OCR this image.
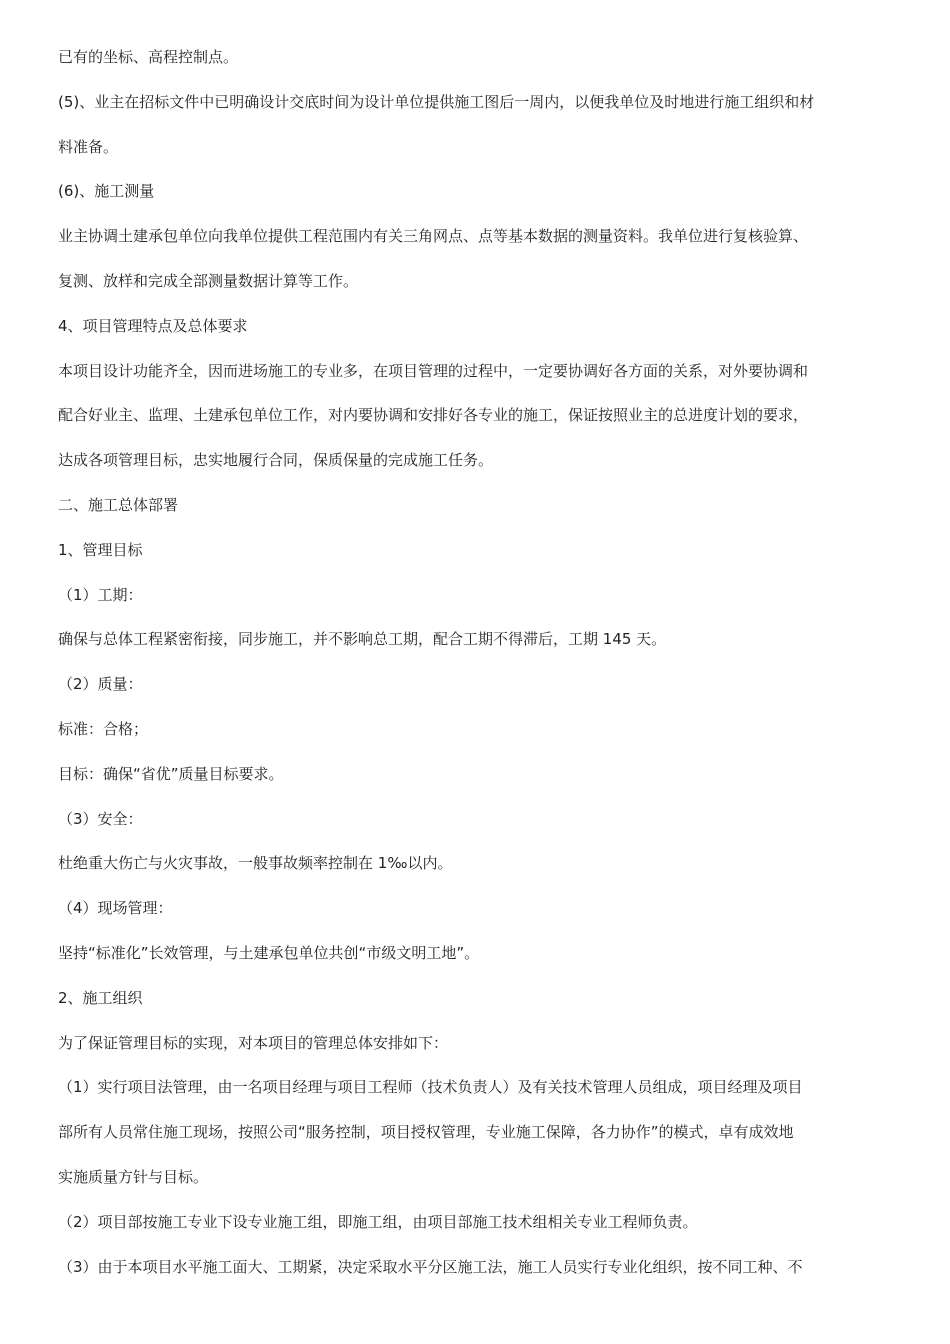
已有的坐标、高程控制点。
(5)、业主在招标文件中已明确设计交底时间为设计单位提供施工图后一周内，以便我单位及时地进行施工组织和材
料准备。
(6)、施工测量
业主协调土建承包单位向我单位提供工程范围内有关三角网点、点等基本数据的测量资料。我单位进行复核验算、
复测、放样和完成全部测量数据计算等工作。
4、项目管理特点及总体要求
本项目设计功能齐全，因而进场施工的专业多，在项目管理的过程中，一定要协调好各方面的关系，对外要协调和
配合好业主、监理、土建承包单位工作，对内要协调和安排好各专业的施工，保证按照业主的总进度计划的要求，
达成各项管理目标，忠实地履行合同，保质保量的完成施工任务。
二、施工总体部署
1、管理目标
（1）工期：
确保与总体工程紧密衔接，同步施工，并不影响总工期，配合工期不得滞后，工期 145 天。
（2）质量：
标准：合格；
目标：确保“省优”质量目标要求。
（3）安全：
杜绝重大伤亡与火灾事故，一般事故频率控制在 1‰以内。
（4）现场管理：
坚持“标准化”长效管理，与土建承包单位共创“市级文明工地”。
2、施工组织
为了保证管理目标的实现，对本项目的管理总体安排如下：
（1）实行项目法管理，由一名项目经理与项目工程师（技术负责人）及有关技术管理人员组成，项目经理及项目
部所有人员常住施工现场，按照公司“服务控制，项目授权管理，专业施工保障，各力协作”的模式，卓有成效地
实施质量方针与目标。
（2）项目部按施工专业下设专业施工组，即施工组，由项目部施工技术组相关专业工程师负责。
（3）由于本项目水平施工面大、工期紧，决定采取水平分区施工法，施工人员实行专业化组织，按不同工种、不
